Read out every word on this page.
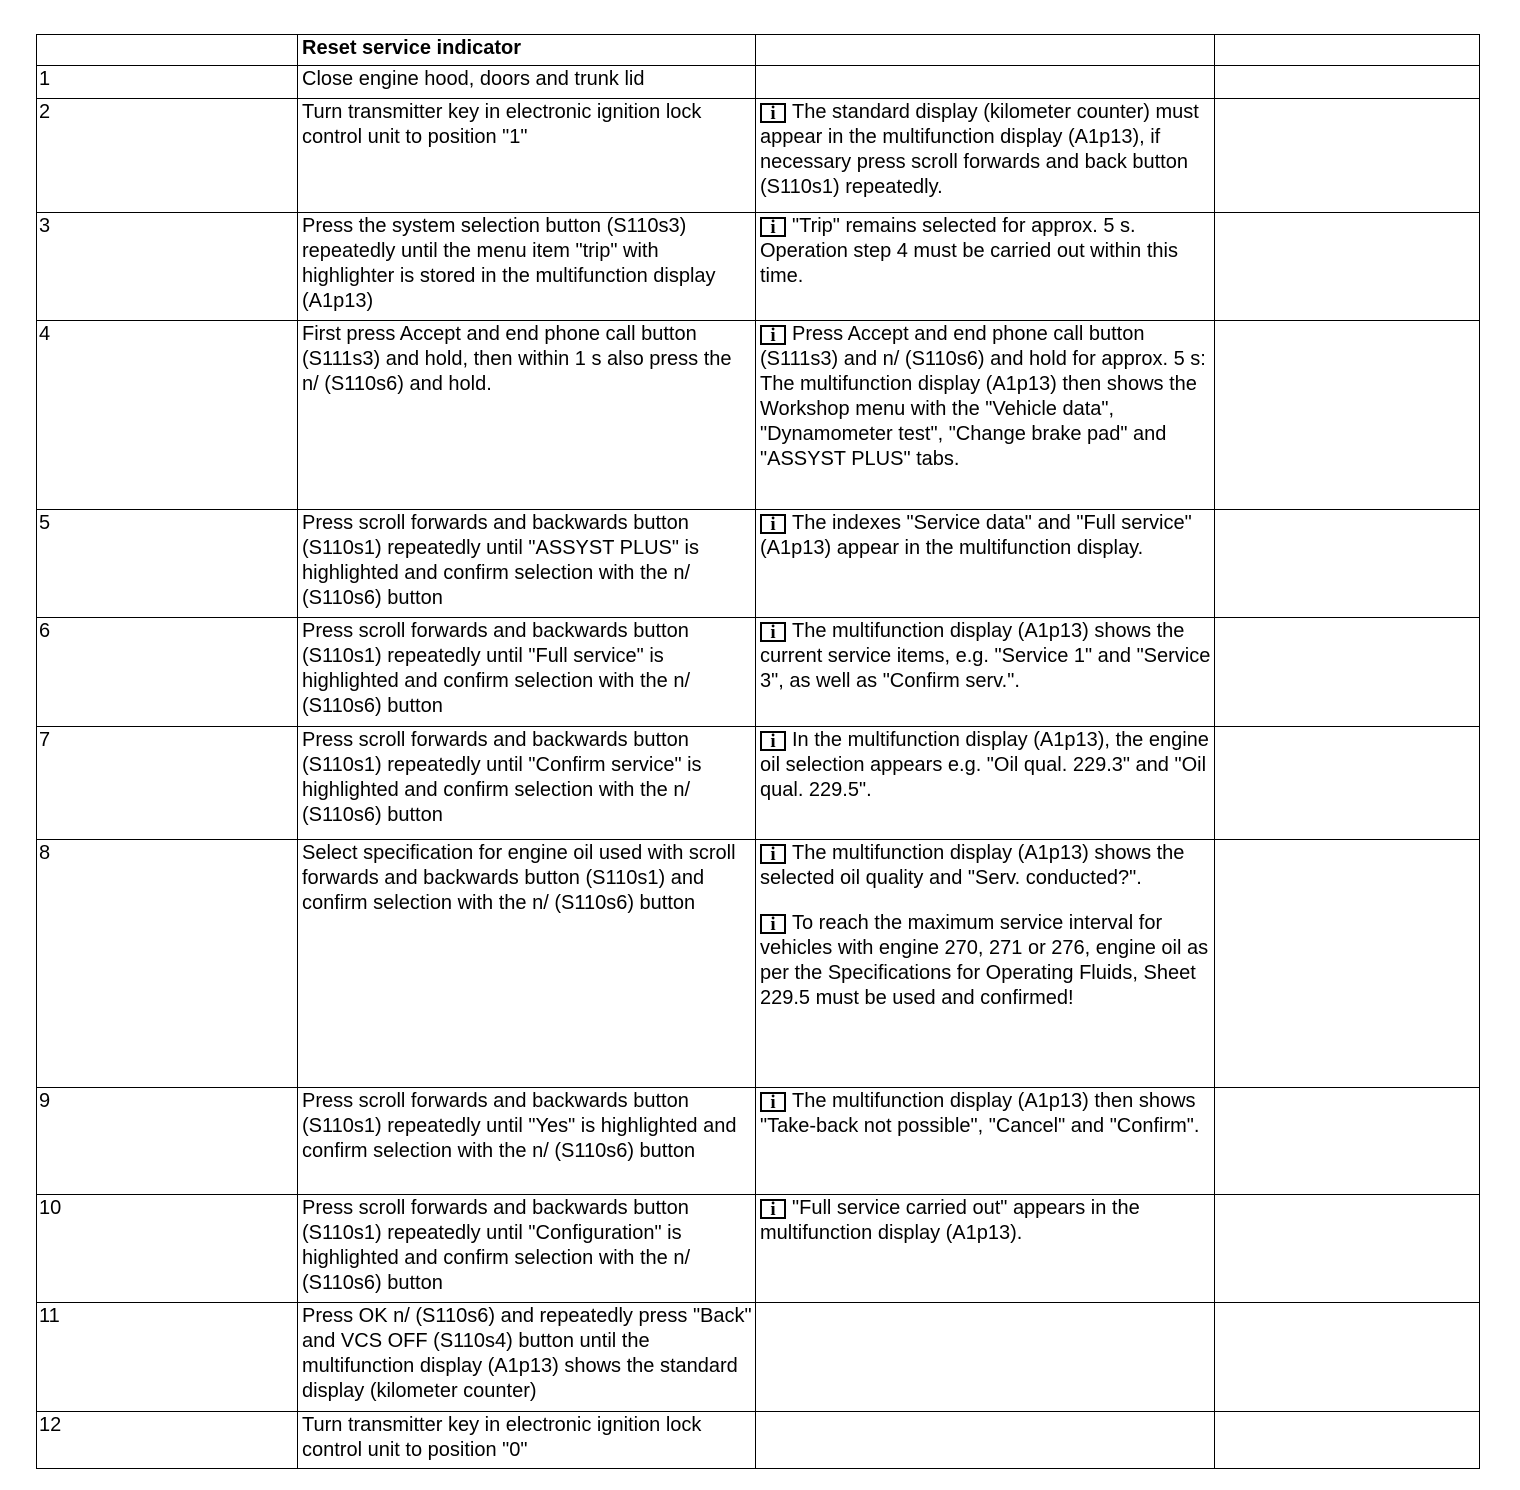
	Reset service indicator		
1	Close engine hood, doors and trunk lid		
2	Turn transmitter key in electronic ignition lock control unit to position "1"	i The standard display (kilometer counter) must appear in the multifunction display (A1p13), if necessary press scroll forwards and back button (S110s1) repeatedly.	

3	Press the system selection button (S110s3) repeatedly until the menu item "trip" with highlighter is stored in the multifunction display (A1p13)	i "Trip" remains selected for approx. 5 s. Operation step 4 must be carried out within this time.	

4	First press Accept and end phone call button (S111s3) and hold, then within 1 s also press the n/ (S110s6) and hold.	i Press Accept and end phone call button (S111s3) and n/ (S110s6) and hold for approx. 5 s: The multifunction display (A1p13) then shows the Workshop menu with the "Vehicle data", "Dynamometer test", "Change brake pad" and "ASSYST PLUS" tabs.	

5	Press scroll forwards and backwards button (S110s1) repeatedly until "ASSYST PLUS" is highlighted and confirm selection with the n/ (S110s6) button	i The indexes "Service data" and "Full service" (A1p13) appear in the multifunction display.	

6	Press scroll forwards and backwards button (S110s1) repeatedly until "Full service" is highlighted and confirm selection with the n/ (S110s6) button	i The multifunction display (A1p13) shows the current service items, e.g. "Service 1" and "Service 3", as well as "Confirm serv.".	

7	Press scroll forwards and backwards button (S110s1) repeatedly until "Confirm service" is highlighted and confirm selection with the n/ (S110s6) button	i In the multifunction display (A1p13), the engine oil selection appears e.g. "Oil qual. 229.3" and "Oil qual. 229.5".	

8	Select specification for engine oil used with scroll forwards and backwards button (S110s1) and confirm selection with the n/ (S110s6) button	i The multifunction display (A1p13) shows the selected oil quality and "Serv. conducted?".
i To reach the maximum service interval for vehicles with engine 270, 271 or 276, engine oil as per the Specifications for Operating Fluids, Sheet 229.5 must be used and confirmed!	

9	Press scroll forwards and backwards button (S110s1) repeatedly until "Yes" is highlighted and confirm selection with the n/ (S110s6) button	i The multifunction display (A1p13) then shows "Take-back not possible", "Cancel" and "Confirm".	

10	Press scroll forwards and backwards button (S110s1) repeatedly until "Configuration" is highlighted and confirm selection with the n/ (S110s6) button	i "Full service carried out" appears in the multifunction display (A1p13).	

11	Press OK n/ (S110s6) and repeatedly press "Back" and VCS OFF (S110s4) button until the multifunction display (A1p13) shows the standard display (kilometer counter)		
12	Turn transmitter key in electronic ignition lock control unit to position "0"		
